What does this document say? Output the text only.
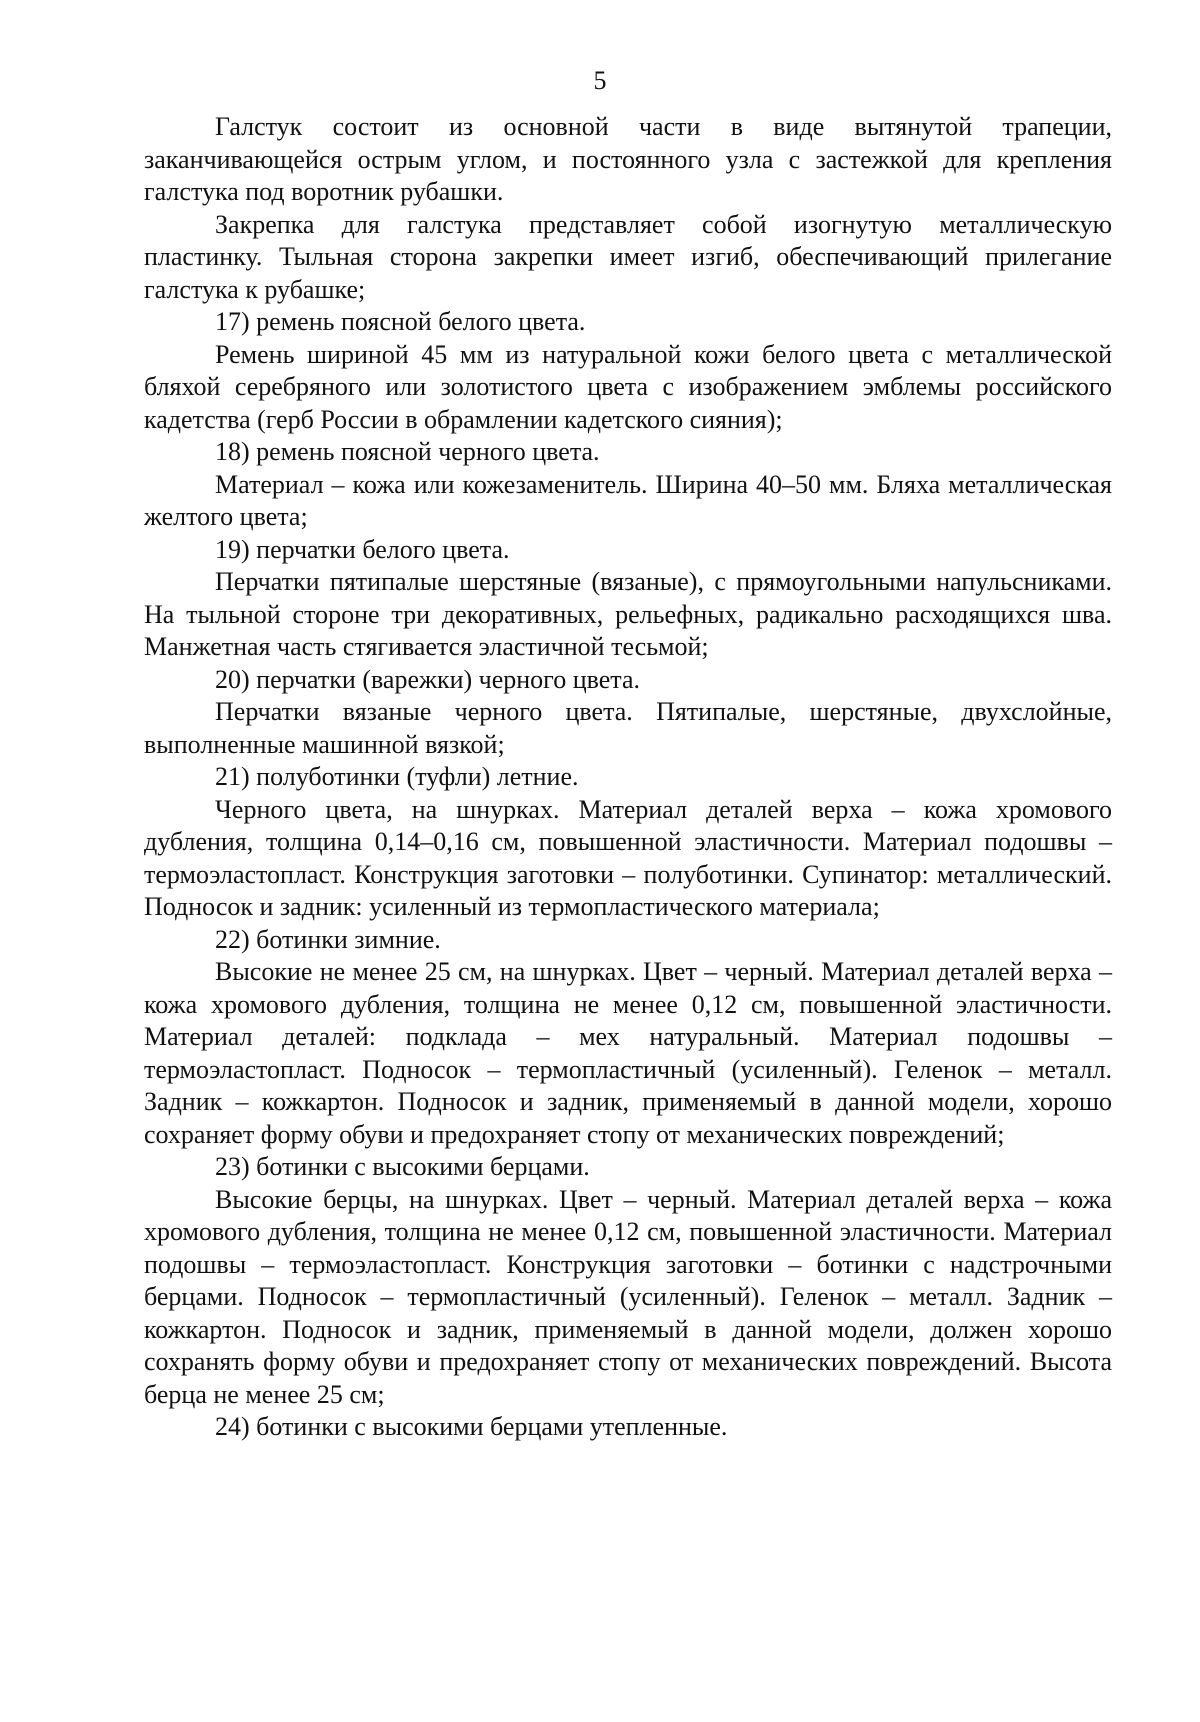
5

Галстук состоит из основной части в виде вытянутой трапеции, заканчивающейся острым углом, и постоянного узла с застежкой для крепления галстука под воротник рубашки.

Закрепка для галстука представляет собой изогнутую металлическую пластинку. Тыльная сторона закрепки имеет изгиб, обеспечивающий прилегание галстука к рубашке;

17) ремень поясной белого цвета.

Ремень шириной 45 мм из натуральной кожи белого цвета с металлической бляхой серебряного или золотистого цвета с изображением эмблемы российского кадетства (герб России в обрамлении кадетского сияния);

18) ремень поясной черного цвета.

Материал – кожа или кожезаменитель. Ширина 40–50 мм. Бляха металлическая желтого цвета;

19) перчатки белого цвета.

Перчатки пятипалые шерстяные (вязаные), с прямоугольными напульсниками. На тыльной стороне три декоративных, рельефных, радикально расходящихся шва. Манжетная часть стягивается эластичной тесьмой;

20) перчатки (варежки) черного цвета.

Перчатки вязаные черного цвета. Пятипалые, шерстяные, двухслойные, выполненные машинной вязкой;

21) полуботинки (туфли) летние.

Черного цвета, на шнурках. Материал деталей верха – кожа хромового дубления, толщина 0,14–0,16 см, повышенной эластичности. Материал подошвы – термоэластопласт. Конструкция заготовки – полуботинки. Супинатор: металлический. Подносок и задник: усиленный из термопластического материала;

22) ботинки зимние.

Высокие не менее 25 см, на шнурках. Цвет – черный. Материал деталей верха – кожа хромового дубления, толщина не менее 0,12 см, повышенной эластичности. Материал деталей: подклада – мех натуральный. Материал подошвы – термоэластопласт. Подносок – термопластичный (усиленный). Геленок – металл. Задник – кожкартон. Подносок и задник, применяемый в данной модели, хорошо сохраняет форму обуви и предохраняет стопу от механических повреждений;

23) ботинки с высокими берцами.

Высокие берцы, на шнурках. Цвет – черный. Материал деталей верха – кожа хромового дубления, толщина не менее 0,12 см, повышенной эластичности. Материал подошвы – термоэластопласт. Конструкция заготовки – ботинки с надстрочными берцами. Подносок – термопластичный (усиленный). Геленок – металл. Задник – кожкартон. Подносок и задник, применяемый в данной модели, должен хорошо сохранять форму обуви и предохраняет стопу от механических повреждений. Высота берца не менее 25 см;

24) ботинки с высокими берцами утепленные.
